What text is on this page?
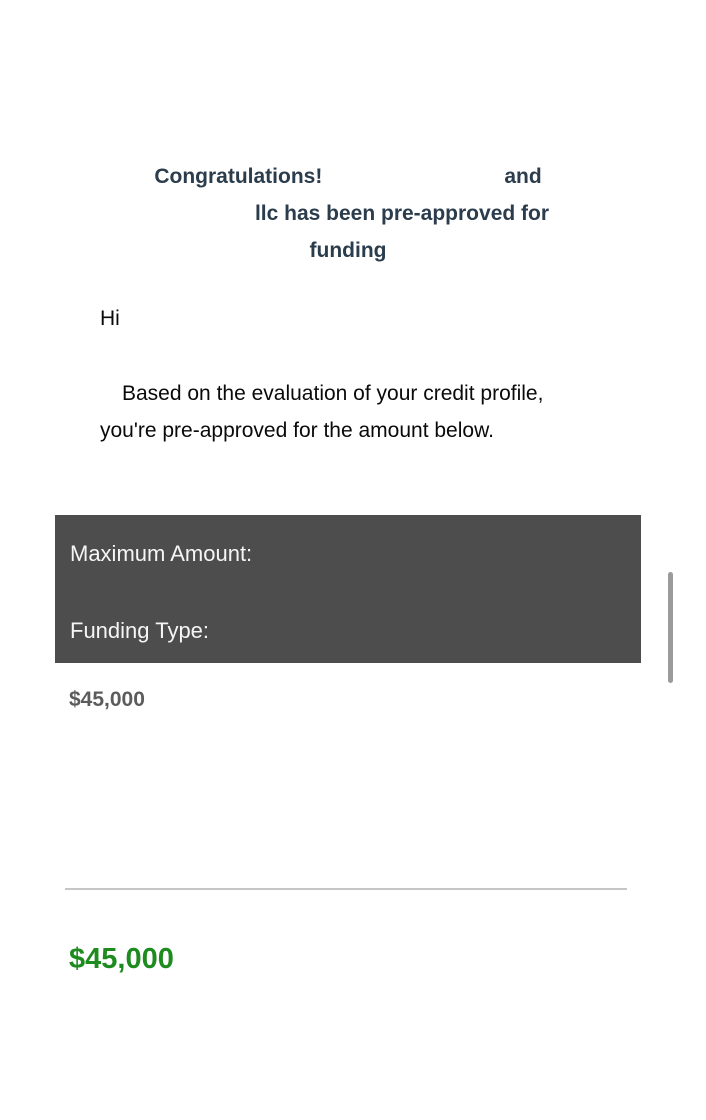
Congratulations!	and
llc has been pre-approved for
funding
Hi
Based on the evaluation of your credit profile, you're pre-approved for the amount below.

Maximum Amount:

Funding Type:

$45,000
$45,000
